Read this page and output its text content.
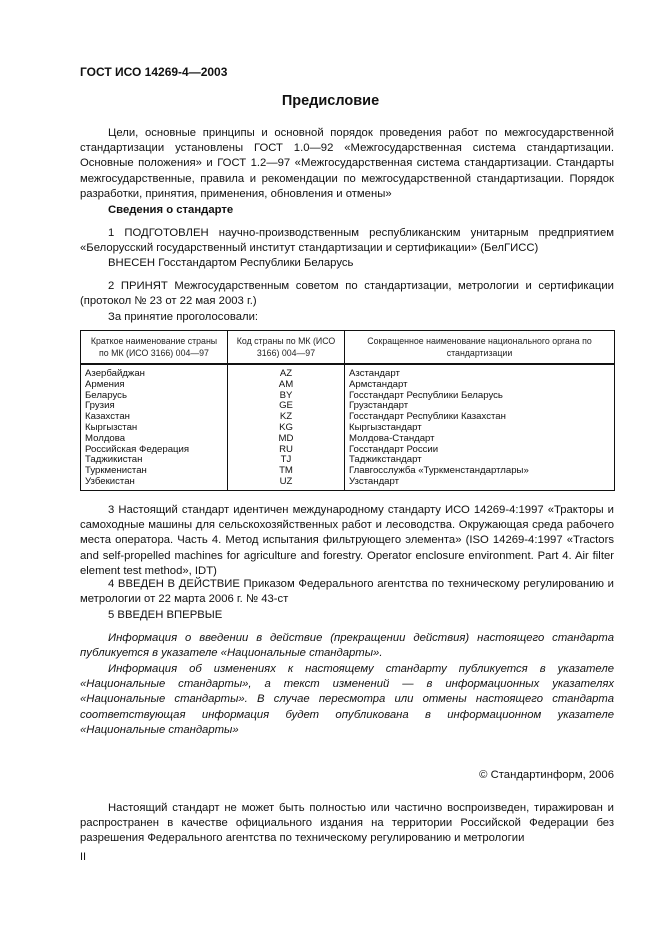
ГОСТ ИСО 14269-4—2003
Предисловие
Цели, основные принципы и основной порядок проведения работ по межгосударственной стандартизации установлены ГОСТ 1.0—92 «Межгосударственная система стандартизации. Основные положения» и ГОСТ 1.2—97 «Межгосударственная система стандартизации. Стандарты межгосударственные, правила и рекомендации по межгосударственной стандартизации. Порядок разработки, принятия, применения, обновления и отмены»
Сведения о стандарте
1 ПОДГОТОВЛЕН научно-производственным республиканским унитарным предприятием «Белорусский государственный институт стандартизации и сертификации» (БелГИСС)
ВНЕСЕН Госстандартом Республики Беларусь
2 ПРИНЯТ Межгосударственным советом по стандартизации, метрологии и сертификации (протокол № 23 от 22 мая 2003 г.)
За принятие проголосовали:
Краткое наименование страны по МК (ИСО 3166) 004—97	Код страны по МК (ИСО 3166) 004—97	Сокращенное наименование национального органа по стандартизации
Азербайджан	AZ	Азстандарт
Армения	AM	Армстандарт
Беларусь	BY	Госстандарт Республики Беларусь
Грузия	GE	Грузстандарт
Казахстан	KZ	Госстандарт Республики Казахстан
Кыргызстан	KG	Кыргызстандарт
Молдова	MD	Молдова-Стандарт
Российская Федерация	RU	Госстандарт России
Таджикистан	TJ	Таджикстандарт
Туркменистан	TM	Главгосслужба «Туркменстандартлары»
Узбекистан	UZ	Узстандарт
3 Настоящий стандарт идентичен международному стандарту ИСО 14269-4:1997 «Тракторы и самоходные машины для сельскохозяйственных работ и лесоводства. Окружающая среда рабочего места оператора. Часть 4. Метод испытания фильтрующего элемента» (ISO 14269-4:1997 «Tractors and self-propelled machines for agriculture and forestry. Operator enclosure environment. Part 4. Air filter element test method», IDT)
4 ВВЕДЕН В ДЕЙСТВИЕ Приказом Федерального агентства по техническому регулированию и метрологии от 22 марта 2006 г. № 43-ст
5 ВВЕДЕН ВПЕРВЫЕ
Информация о введении в действие (прекращении действия) настоящего стандарта публикуется в указателе «Национальные стандарты».
Информация об изменениях к настоящему стандарту публикуется в указателе «Национальные стандарты», а текст изменений — в информационных указателях «Национальные стандарты». В случае пересмотра или отмены настоящего стандарта соответствующая информация будет опубликована в информационном указателе «Национальные стандарты»
© Стандартинформ, 2006
Настоящий стандарт не может быть полностью или частично воспроизведен, тиражирован и распространен в качестве официального издания на территории Российской Федерации без разрешения Федерального агентства по техническому регулированию и метрологии
II
